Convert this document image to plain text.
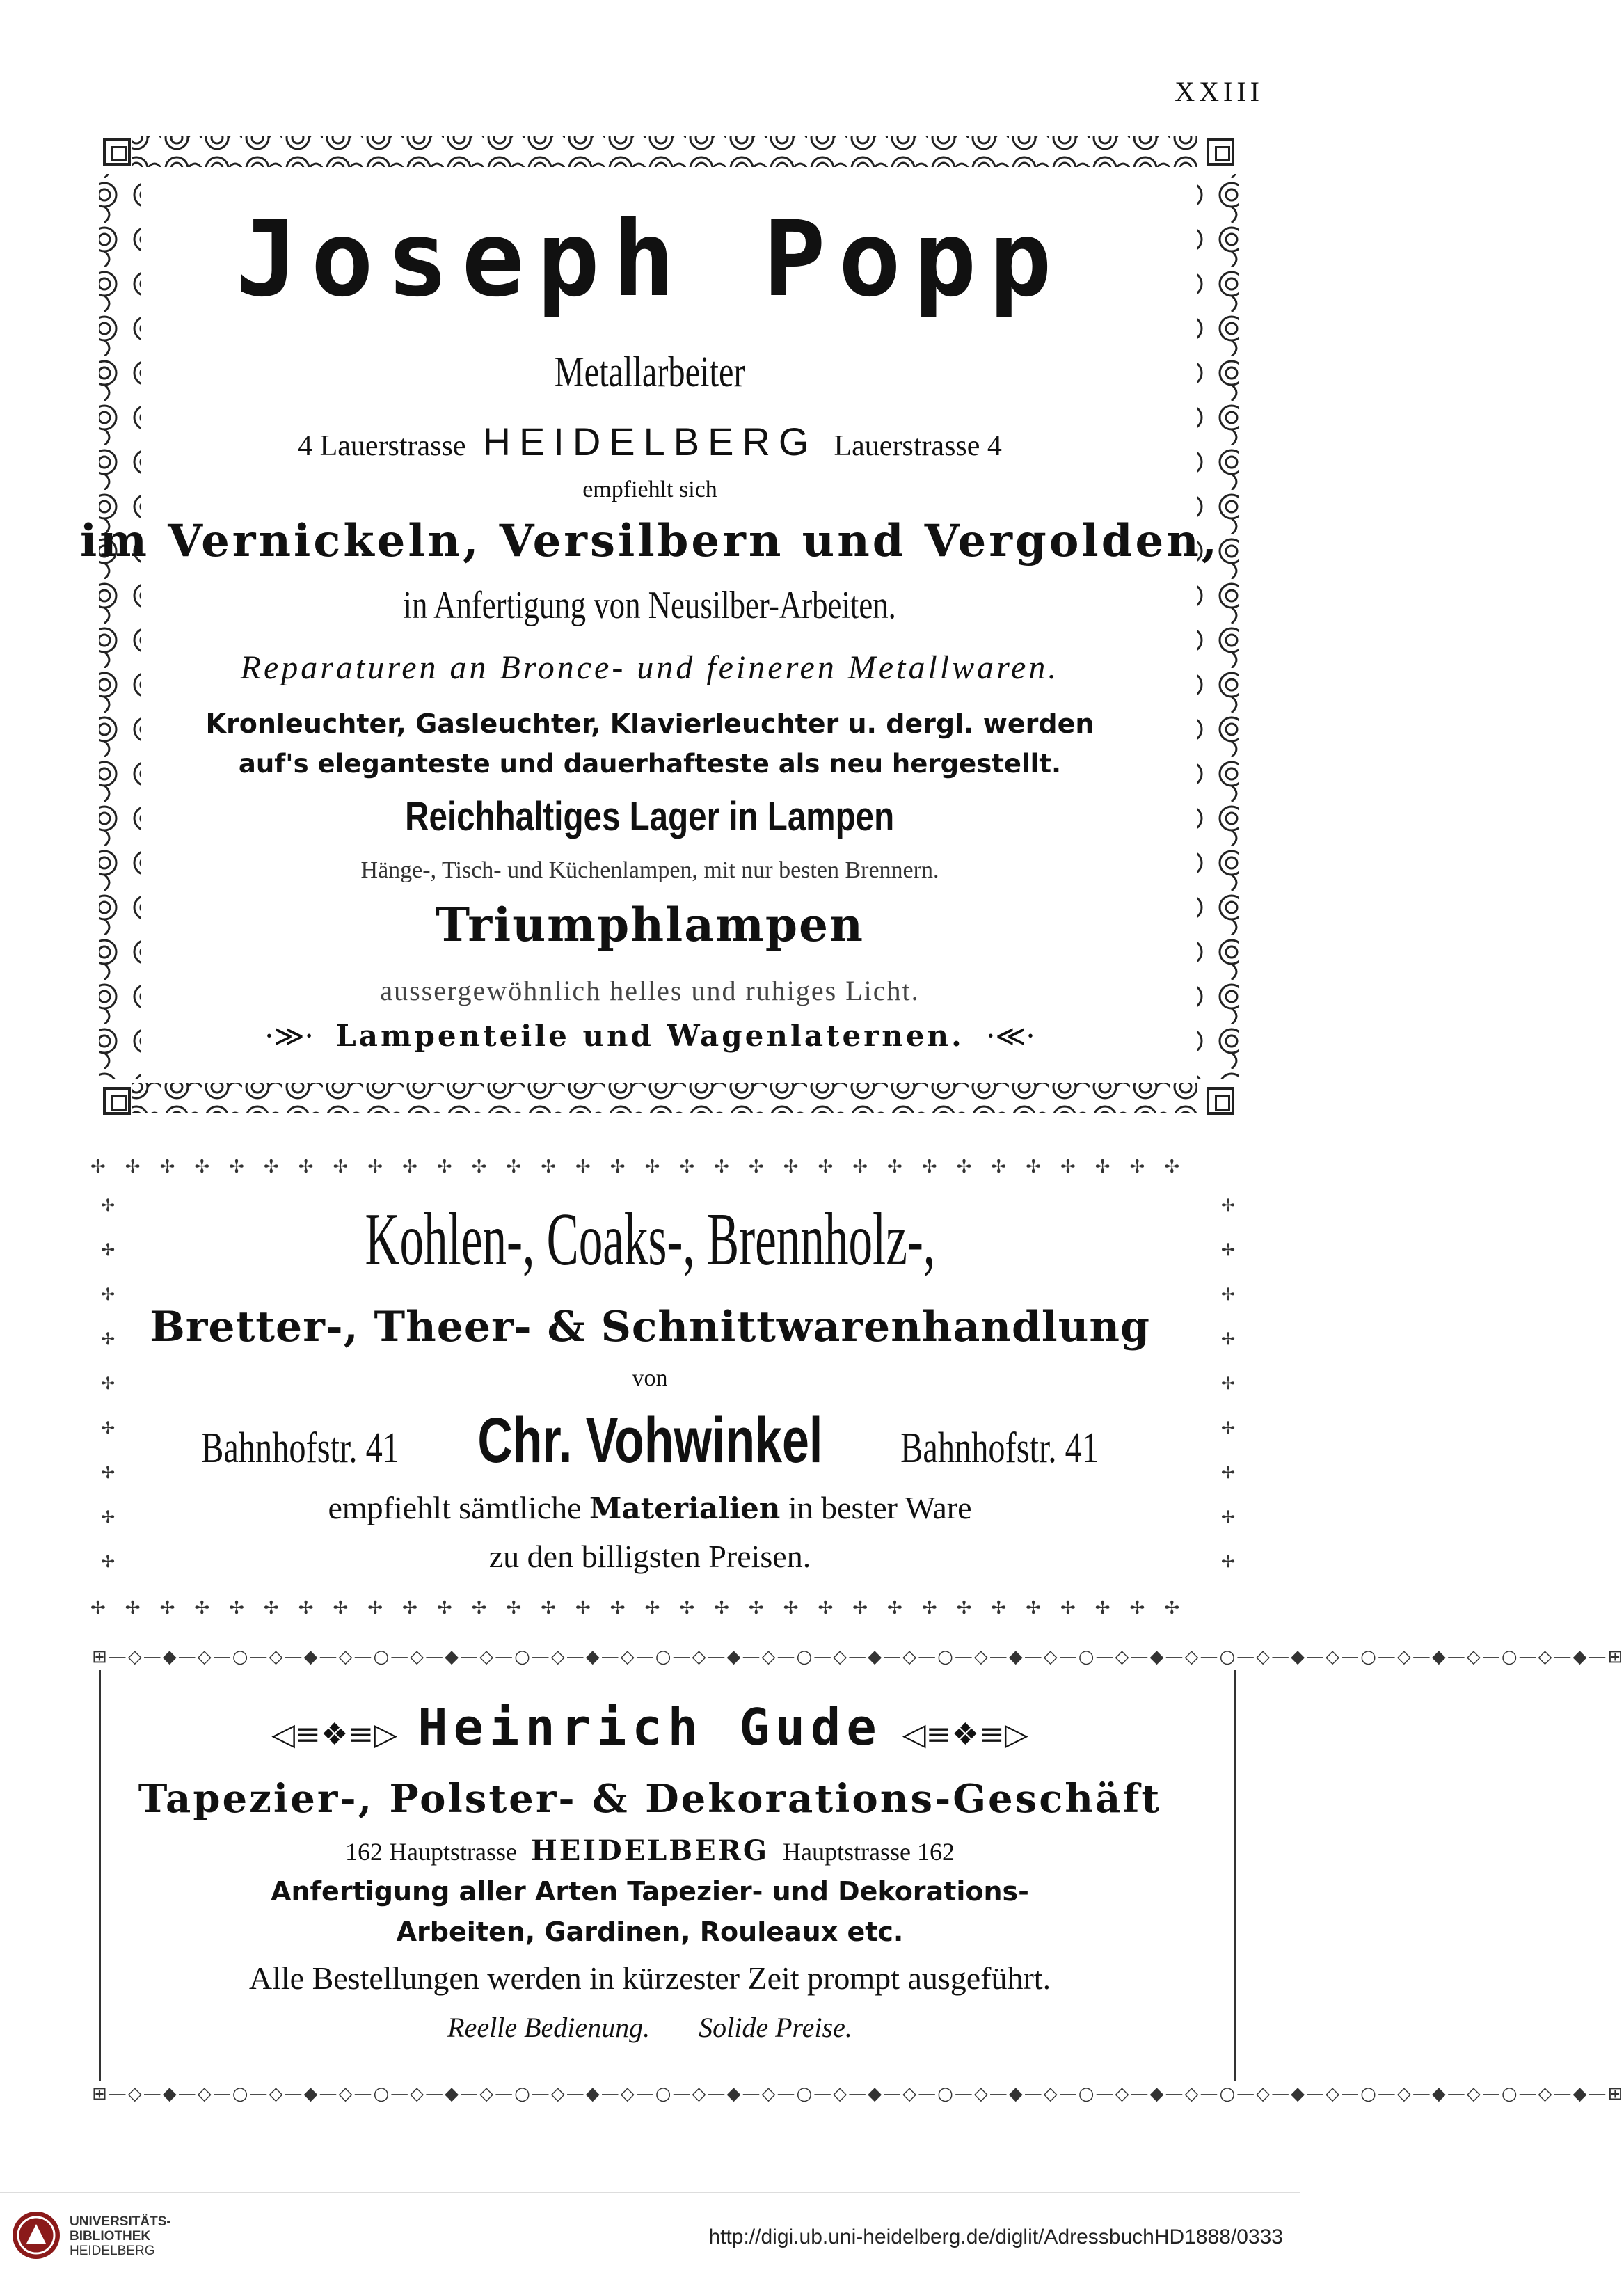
XXIII
Joseph Popp
Metallarbeiter
4 Lauerstrasse HEIDELBERG Lauerstrasse 4
empfiehlt sich
im Vernickeln, Versilbern und Vergolden,
in Anfertigung von Neusilber-Arbeiten.
Reparaturen an Bronce- und feineren Metallwaren.
Kronleuchter, Gasleuchter, Klavierleuchter u. dergl. werden
auf's eleganteste und dauerhafteste als neu hergestellt.
Reichhaltiges Lager in Lampen
Hänge-, Tisch- und Küchenlampen, mit nur besten Brennern.
Triumphlampen
aussergewöhnlich helles und ruhiges Licht.
·≫· Lampenteile und Wagenlaternen. ·≪·
✢✢✢✢✢✢✢✢✢✢✢✢✢✢✢✢✢✢✢✢✢✢✢✢✢✢✢✢✢✢✢✢
✢✢✢✢✢✢✢✢✢✢✢✢✢✢✢✢✢✢✢✢✢✢✢✢✢✢✢✢✢✢✢✢
✢
✢
✢
✢
✢
✢
✢
✢
✢
✢
✢
✢
✢
✢
✢
✢
✢
✢
Kohlen-, Coaks-, Brennholz-,
Bretter-, Theer- & Schnittwarenhandlung
von
Bahnhofstr. 41 Chr. Vohwinkel Bahnhofstr. 41
empfiehlt sämtliche Materialien in bester Ware
zu den billigsten Preisen.
⊞—◇—◆—◇—○—◇—◆—◇—○—◇—◆—◇—○—◇—◆—◇—○—◇—◆—◇—○—◇—◆—◇—○—◇—◆—◇—○—◇—◆—◇—○—◇—◆—◇—○—◇—◆—◇—○—◇—◆—⊞
⊞—◇—◆—◇—○—◇—◆—◇—○—◇—◆—◇—○—◇—◆—◇—○—◇—◆—◇—○—◇—◆—◇—○—◇—◆—◇—○—◇—◆—◇—○—◇—◆—◇—○—◇—◆—◇—○—◇—◆—⊞
◁≡❖≡▷ Heinrich Gude ◁≡❖≡▷
Tapezier-, Polster- & Dekorations-Geschäft
162 Hauptstrasse HEIDELBERG Hauptstrasse 162
Anfertigung aller Arten Tapezier- und Dekorations-
Arbeiten, Gardinen, Rouleaux etc.
Alle Bestellungen werden in kürzester Zeit prompt ausgeführt.
Reelle Bedienung. Solide Preise.
UNIVERSITÄTS-
BIBLIOTHEK
HEIDELBERG
http://digi.ub.uni-heidelberg.de/diglit/AdressbuchHD1888/0333
